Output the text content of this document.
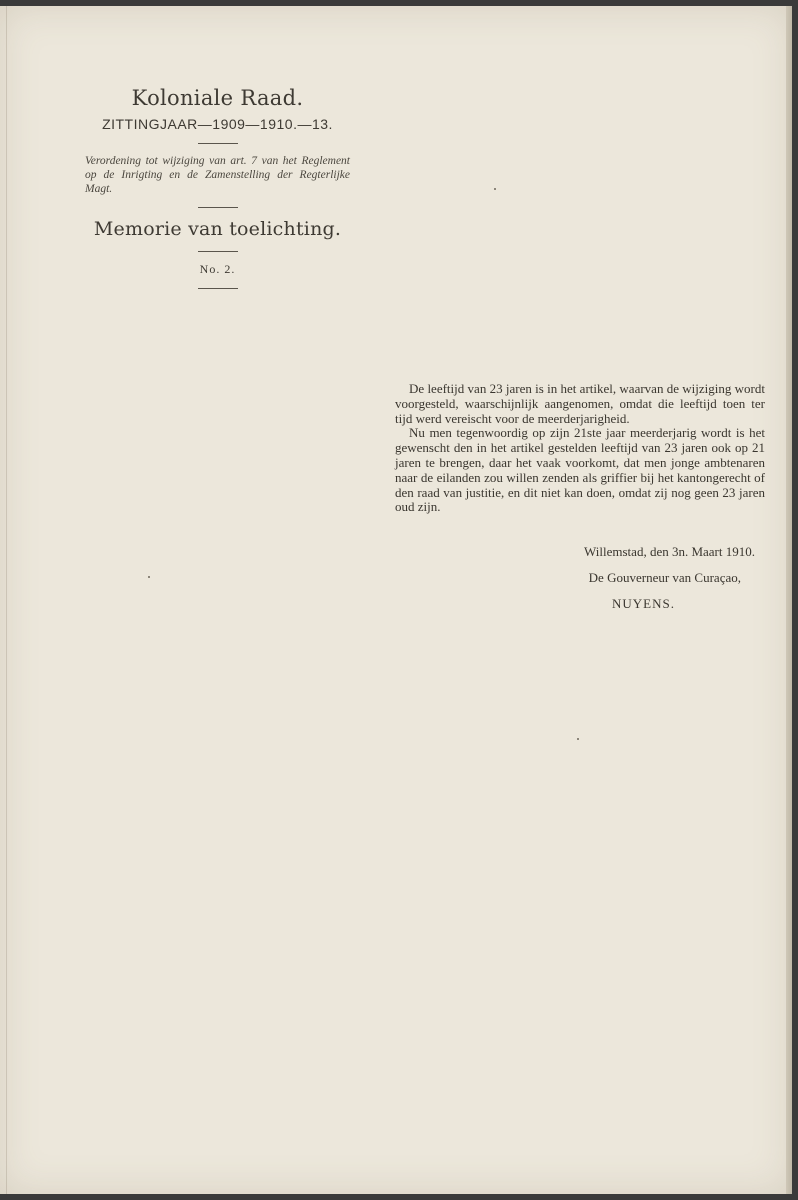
Koloniale Raad.
ZITTINGJAAR—1909—1910.—13.
Verordening tot wijziging van art. 7 van het Reglement op de Inrigting en de Zamenstelling der Regterlijke Magt.
Memorie van toelichting.
No. 2.

De leeftijd van 23 jaren is in het artikel, waarvan de wijziging wordt voorgesteld, waarschijnlijk aangenomen, omdat die leeftijd toen ter tijd werd vereischt voor de meerderjarigheid.

Nu men tegenwoordig op zijn 21ste jaar meerderjarig wordt is het gewenscht den in het artikel gestelden leeftijd van 23 jaren ook op 21 jaren te brengen, daar het vaak voorkomt, dat men jonge ambtenaren naar de eilanden zou willen zenden als griffier bij het kantongerecht of den raad van justitie, en dit niet kan doen, omdat zij nog geen 23 jaren oud zijn.

Willemstad, den 3n. Maart 1910.
De Gouverneur van Curaçao,
NUYENS.
